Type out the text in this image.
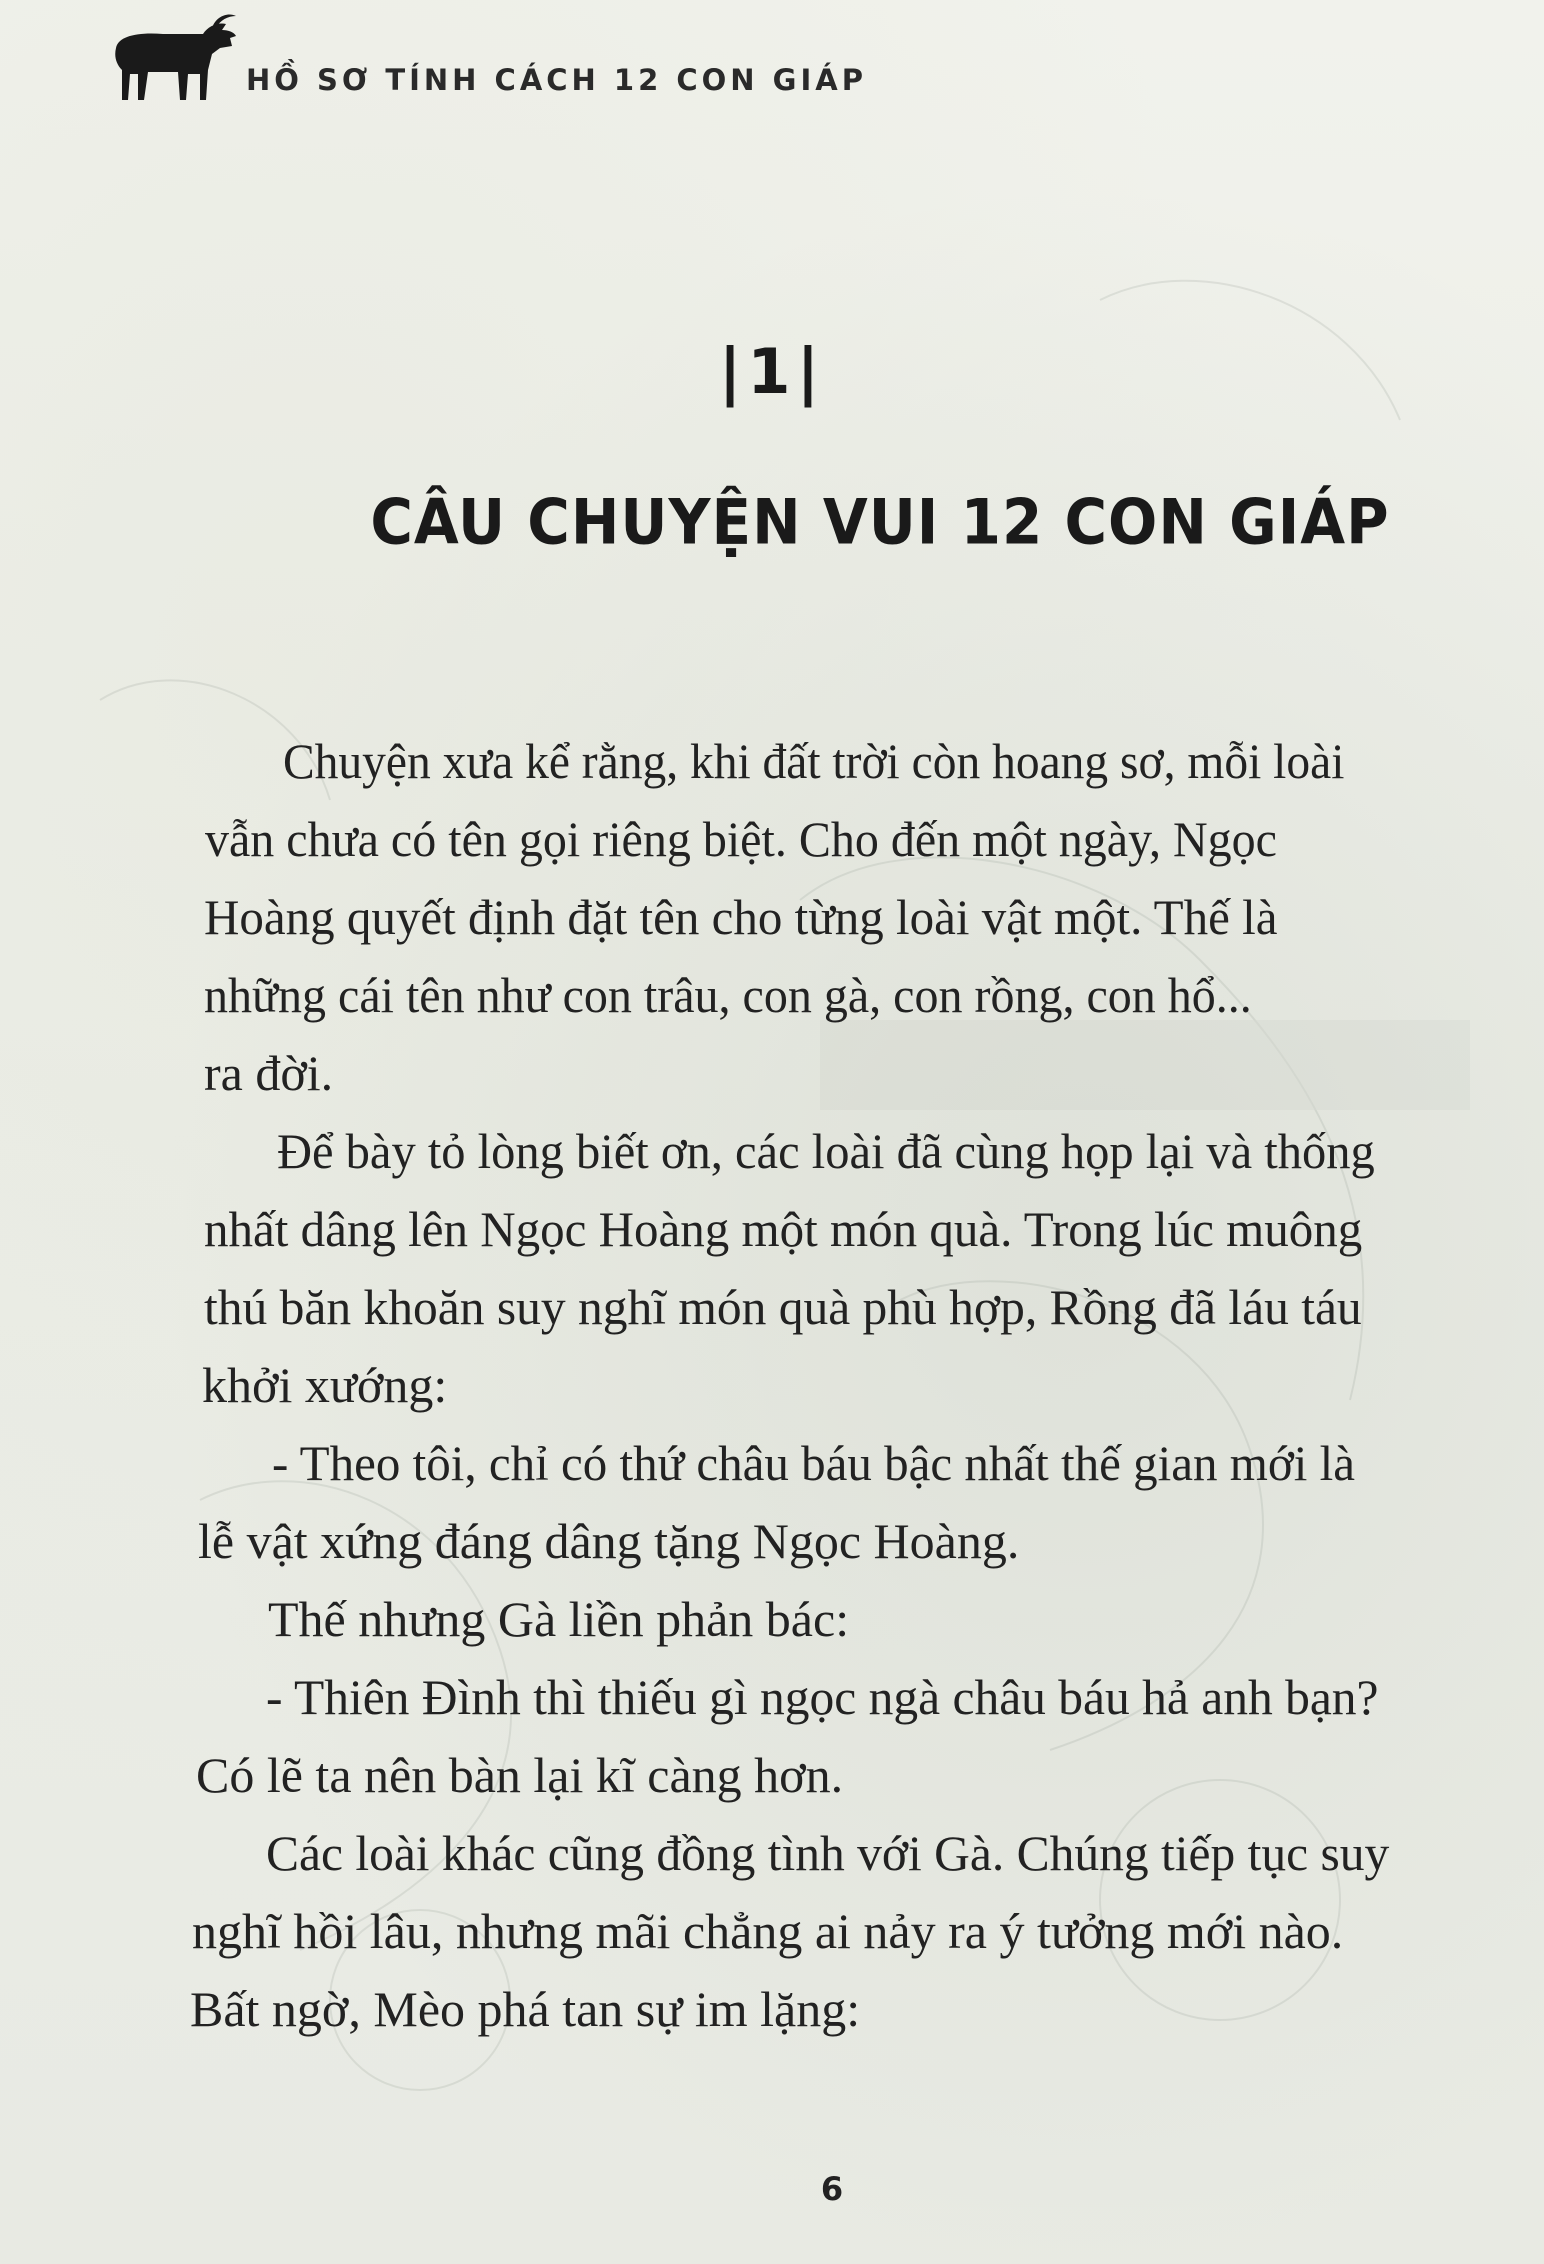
HỒ SƠ TÍNH CÁCH 12 CON GIÁP
|1|
CÂU CHUYỆN VUI 12 CON GIÁP
Chuyện xưa kể rằng, khi đất trời còn hoang sơ, mỗi loài
vẫn chưa có tên gọi riêng biệt. Cho đến một ngày, Ngọc
Hoàng quyết định đặt tên cho từng loài vật một. Thế là
những cái tên như con trâu, con gà, con rồng, con hổ...
ra đời.
Để bày tỏ lòng biết ơn, các loài đã cùng họp lại và thống
nhất dâng lên Ngọc Hoàng một món quà. Trong lúc muông
thú băn khoăn suy nghĩ món quà phù hợp, Rồng đã láu táu
khởi xướng:
- Theo tôi, chỉ có thứ châu báu bậc nhất thế gian mới là
lễ vật xứng đáng dâng tặng Ngọc Hoàng.
Thế nhưng Gà liền phản bác:
- Thiên Đình thì thiếu gì ngọc ngà châu báu hả anh bạn?
Có lẽ ta nên bàn lại kĩ càng hơn.
Các loài khác cũng đồng tình với Gà. Chúng tiếp tục suy
nghĩ hồi lâu, nhưng mãi chẳng ai nảy ra ý tưởng mới nào.
Bất ngờ, Mèo phá tan sự im lặng:
6
